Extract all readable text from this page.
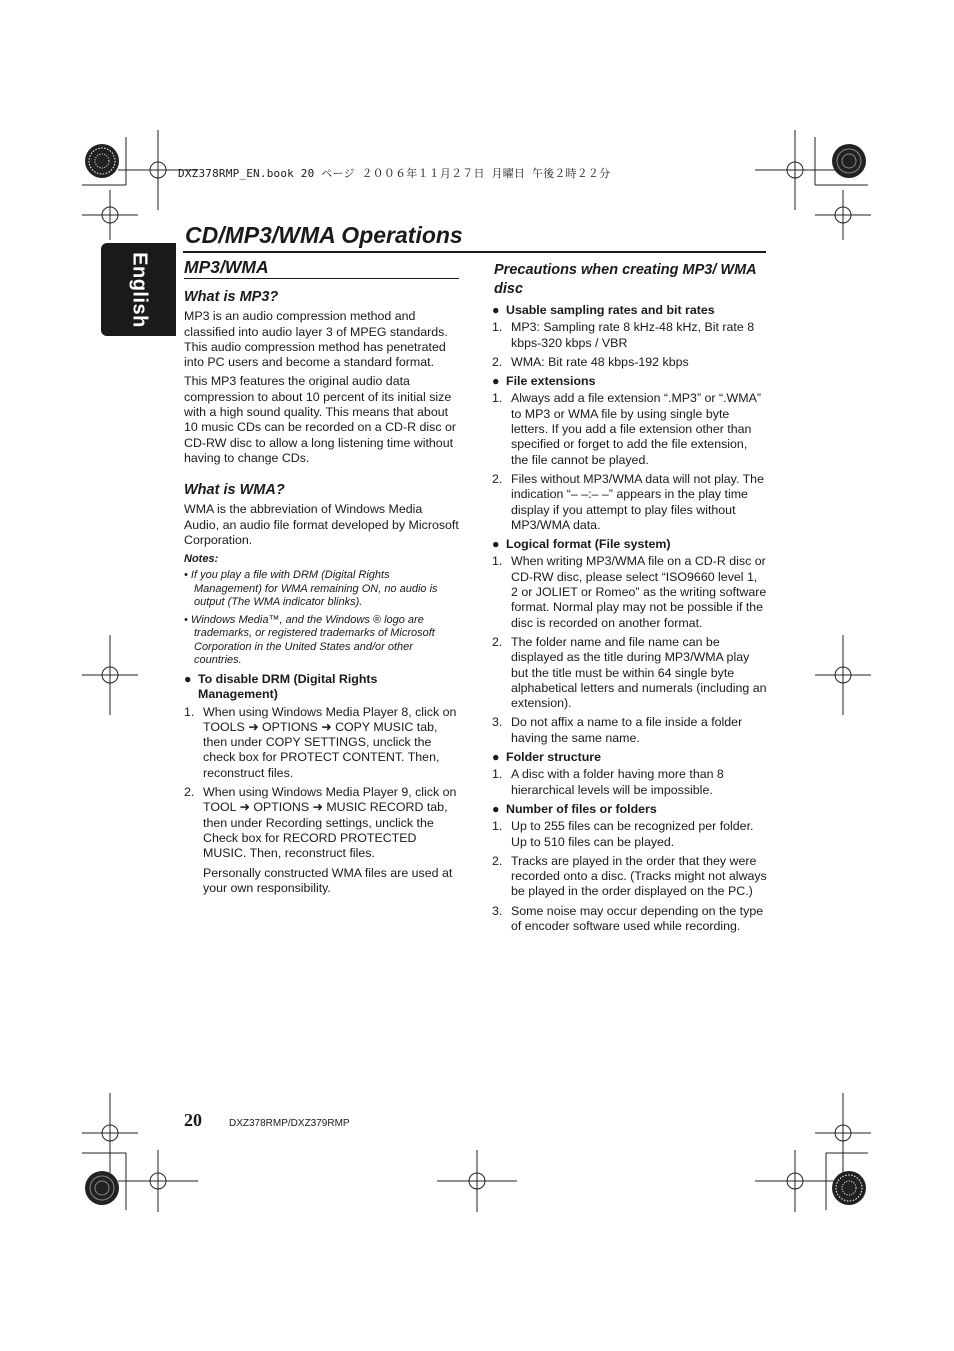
DXZ378RMP_EN.book 20 ページ ２００６年１１月２７日 月曜日 午後２時２２分
English
CD/MP3/WMA Operations
MP3/WMA
What is MP3?

MP3 is an audio compression method and classified into audio layer 3 of MPEG standards. This audio compression method has penetrated into PC users and become a standard format.

This MP3 features the original audio data compression to about 10 percent of its initial size with a high sound quality. This means that about 10 music CDs can be recorded on a CD-R disc or CD-RW disc to allow a long listening time without having to change CDs.

What is WMA?

WMA is the abbreviation of Windows Media Audio, an audio file format developed by Microsoft Corporation.

Notes:
• If you play a file with DRM (Digital Rights Management) for WMA remaining ON, no audio is output (The WMA indicator blinks).
• Windows Media™, and the Windows ® logo are trademarks, or registered trademarks of Microsoft Corporation in the United States and/or other countries.
● To disable DRM (Digital Rights Management)
1. When using Windows Media Player 8, click on TOOLS ➜ OPTIONS ➜ COPY MUSIC tab, then under COPY SETTINGS, unclick the check box for PROTECT CONTENT. Then, reconstruct files.
2. When using Windows Media Player 9, click on TOOL ➜ OPTIONS ➜ MUSIC RECORD tab, then under Recording settings, unclick the Check box for RECORD PROTECTED MUSIC. Then, reconstruct files.

Personally constructed WMA files are used at your own responsibility.

Precautions when creating MP3/ WMA disc
● Usable sampling rates and bit rates
1. MP3: Sampling rate 8 kHz-48 kHz, Bit rate 8 kbps-320 kbps / VBR
2. WMA: Bit rate 48 kbps-192 kbps
● File extensions
1. Always add a file extension “.MP3” or “.WMA” to MP3 or WMA file by using single byte letters. If you add a file extension other than specified or forget to add the file extension, the file cannot be played.
2. Files without MP3/WMA data will not play. The indication “– –:– –” appears in the play time display if you attempt to play files without MP3/WMA data.
● Logical format (File system)
1. When writing MP3/WMA file on a CD-R disc or CD-RW disc, please select “ISO9660 level 1, 2 or JOLIET or Romeo” as the writing software format. Normal play may not be possible if the disc is recorded on another format.
2. The folder name and file name can be displayed as the title during MP3/WMA play but the title must be within 64 single byte alphabetical letters and numerals (including an extension).
3. Do not affix a name to a file inside a folder having the same name.
● Folder structure
1. A disc with a folder having more than 8 hierarchical levels will be impossible.
● Number of files or folders
1. Up to 255 files can be recognized per folder. Up to 510 files can be played.
2. Tracks are played in the order that they were recorded onto a disc. (Tracks might not always be played in the order displayed on the PC.)
3. Some noise may occur depending on the type of encoder software used while recording.
20	DXZ378RMP/DXZ379RMP
